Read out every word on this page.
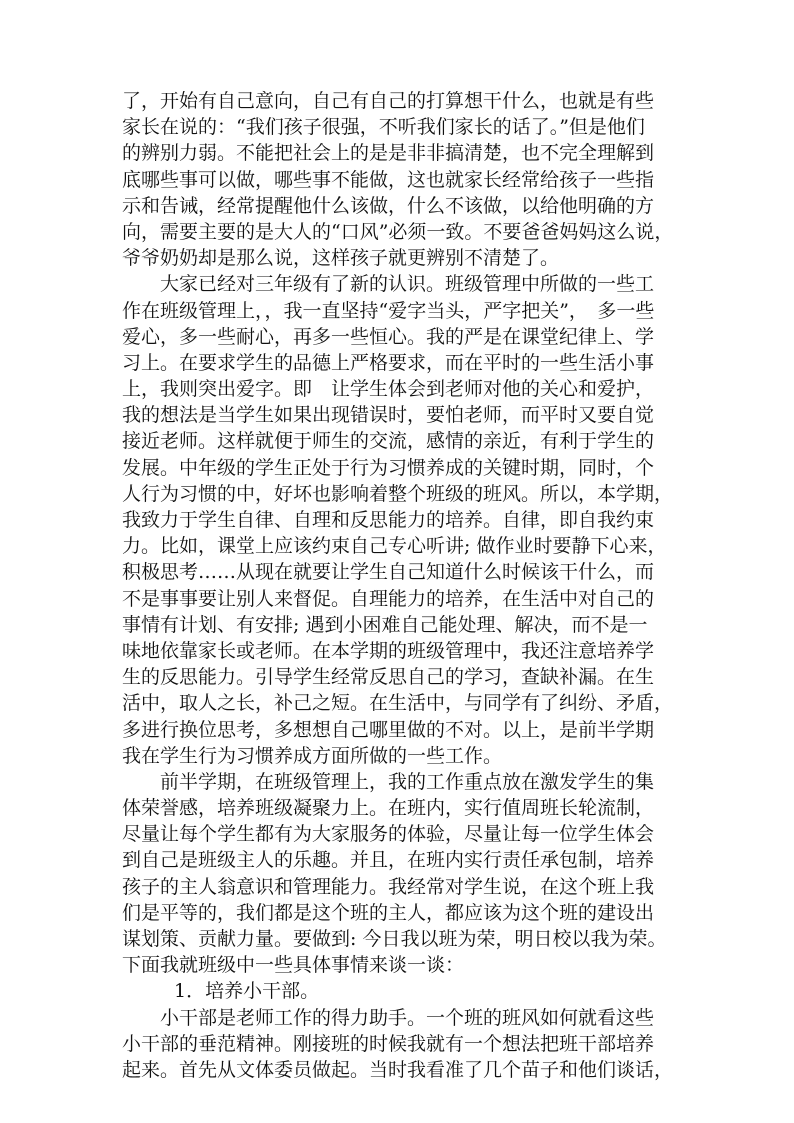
了，开始有自己意向，自己有自己的打算想干什么，也就是有些
家长在说的：“我们孩子很强，不听我们家长的话了。”但是他们
的辨别力弱。不能把社会上的是是非非搞清楚，也不完全理解到
底哪些事可以做，哪些事不能做，这也就家长经常给孩子一些指
示和告诫，经常提醒他什么该做，什么不该做，以给他明确的方
向，需要主要的是大人的“口风”必须一致。不要爸爸妈妈这么说，
爷爷奶奶却是那么说，这样孩子就更辨别不清楚了。
大家已经对三年级有了新的认识。班级管理中所做的一些工
作在班级管理上，，我一直坚持“爱字当头，严字把关”，　多一些
爱心，多一些耐心，再多一些恒心。我的严是在课堂纪律上、学
习上。在要求学生的品德上严格要求，而在平时的一些生活小事
上，我则突出爱字。即　让学生体会到老师对他的关心和爱护，
我的想法是当学生如果出现错误时，要怕老师，而平时又要自觉
接近老师。这样就便于师生的交流，感情的亲近，有利于学生的
发展。中年级的学生正处于行为习惯养成的关键时期，同时，个
人行为习惯的中，好坏也影响着整个班级的班风。所以，本学期，
我致力于学生自律、自理和反思能力的培养。自律，即自我约束
力。比如，课堂上应该约束自己专心听讲; 做作业时要静下心来，
积极思考……从现在就要让学生自己知道什么时候该干什么，而
不是事事要让别人来督促。自理能力的培养，在生活中对自己的
事情有计划、有安排; 遇到小困难自己能处理、解决，而不是一
味地依靠家长或老师。在本学期的班级管理中，我还注意培养学
生的反思能力。引导学生经常反思自己的学习，查缺补漏。在生
活中，取人之长，补己之短。在生活中，与同学有了纠纷、矛盾，
多进行换位思考，多想想自己哪里做的不对。以上，是前半学期
我在学生行为习惯养成方面所做的一些工作。
前半学期，在班级管理上，我的工作重点放在激发学生的集
体荣誉感，培养班级凝聚力上。在班内，实行值周班长轮流制，
尽量让每个学生都有为大家服务的体验，尽量让每一位学生体会
到自己是班级主人的乐趣。并且，在班内实行责任承包制，培养
孩子的主人翁意识和管理能力。我经常对学生说，在这个班上我
们是平等的，我们都是这个班的主人，都应该为这个班的建设出
谋划策、贡献力量。要做到: 今日我以班为荣，明日校以我为荣。
下面我就班级中一些具体事情来谈一谈：
1．培养小干部。
小干部是老师工作的得力助手。一个班的班风如何就看这些
小干部的垂范精神。刚接班的时候我就有一个想法把班干部培养
起来。首先从文体委员做起。当时我看准了几个苗子和他们谈话，
